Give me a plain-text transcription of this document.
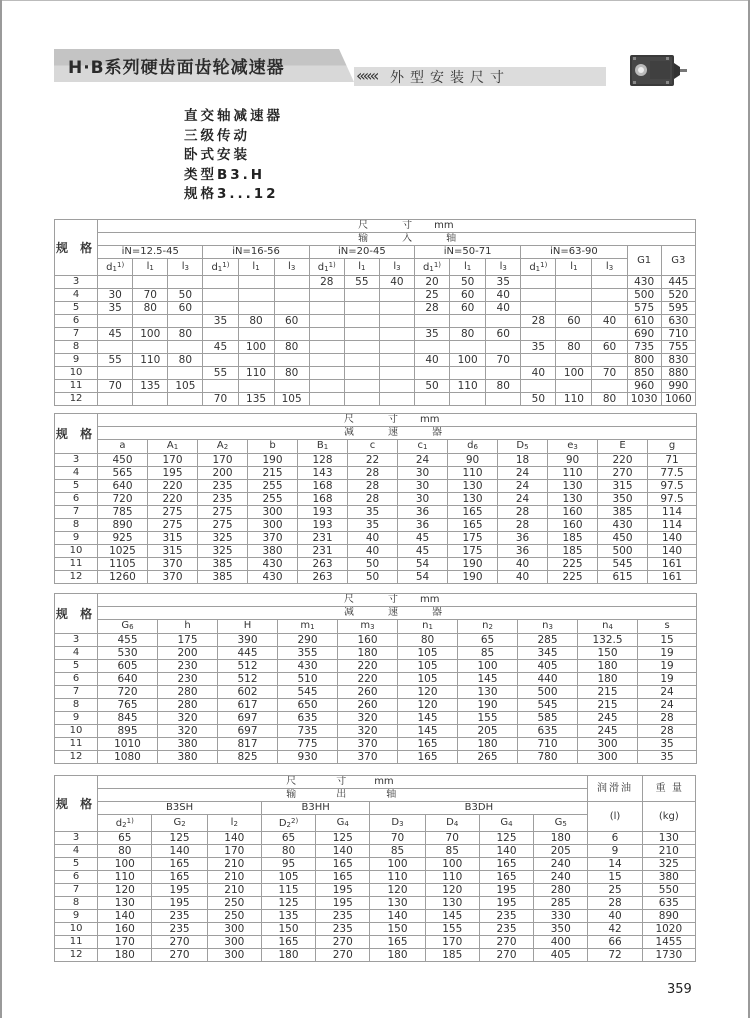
H·B系列硬齿面齿轮减速器	««« 外型安装尺寸
直交轴减速器
三级传动
卧式安装
类型B3.H
规格3...12
规 格	尺 寸 mm																
	输 入 轴																
	iN=12.5-45			iN=16-56			iN=20-45			iN=50-71			iN=63-90			G1	G3
	$d_1^{1)}$	$l_1$	$l_3$	$d_1^{1)}$	$l_1$	$l_3$	$d_1^{1)}$	$l_1$	$l_3$	$d_1^{1)}$	$l_1$	$l_3$	$d_1^{1)}$	$l_1$	$l_3$
3							28	55	40	20	50	35				430	445
4	30	70	50							25	60	40				500	520
5	35	80	60							28	60	40				575	595
6				35	80	60							28	60	40	610	630
7	45	100	80							35	80	60				690	710
8				45	100	80							35	80	60	735	755
9	55	110	80							40	100	70				800	830
10				55	110	80							40	100	70	850	880
11	70	135	105							50	110	80				960	990
12				70	135	105							50	110	80	1030	1060
规 格	尺 寸 mm											
	减 速 器											
	a	$A_1$	$A_2$	b	$B_1$	c	$c_1$	$d_6$	$D_5$	$e_3$	E	g
3	450	170	170	190	128	22	24	90	18	90	220	71
4	565	195	200	215	143	28	30	110	24	110	270	77.5
5	640	220	235	255	168	28	30	130	24	130	315	97.5
6	720	220	235	255	168	28	30	130	24	130	350	97.5
7	785	275	275	300	193	35	36	165	28	160	385	114
8	890	275	275	300	193	35	36	165	28	160	430	114
9	925	315	325	370	231	40	45	175	36	185	450	140
10	1025	315	325	380	231	40	45	175	36	185	500	140
11	1105	370	385	430	263	50	54	190	40	225	545	161
12	1260	370	385	430	263	50	54	190	40	225	615	161
规 格	尺 寸 mm									
	减 速 器									
	$G_6$	h	H	$m_1$	$m_3$	$n_1$	$n_2$	$n_3$	$n_4$	s
3	455	175	390	290	160	80	65	285	132.5	15
4	530	200	445	355	180	105	85	345	150	19
5	605	230	512	430	220	105	100	405	180	19
6	640	230	512	510	220	105	145	440	180	19
7	720	280	602	545	260	120	130	500	215	24
8	765	280	617	650	260	120	190	545	215	24
9	845	320	697	635	320	145	155	585	245	28
10	895	320	697	735	320	145	205	635	245	28
11	1010	380	817	775	370	165	180	710	300	35
12	1080	380	825	930	370	165	265	780	300	35
规 格	尺 寸 mm									润滑油	重  量
	输 出 轴										
	B3SH			B3HH		B3DH				(l)	(kg)
	$d_2^{1)}$	$G_2$	$l_2$	$D_2^{2)}$	$G_4$	$D_3$	$D_4$	$G_4$	$G_5$
3	65	125	140	65	125	70	70	125	180	6	130
4	80	140	170	80	140	85	85	140	205	9	210
5	100	165	210	95	165	100	100	165	240	14	325
6	110	165	210	105	165	110	110	165	240	15	380
7	120	195	210	115	195	120	120	195	280	25	550
8	130	195	250	125	195	130	130	195	285	28	635
9	140	235	250	135	235	140	145	235	330	40	890
10	160	235	300	150	235	150	155	235	350	42	1020
11	170	270	300	165	270	165	170	270	400	66	1455
12	180	270	300	180	270	180	185	270	405	72	1730
359
